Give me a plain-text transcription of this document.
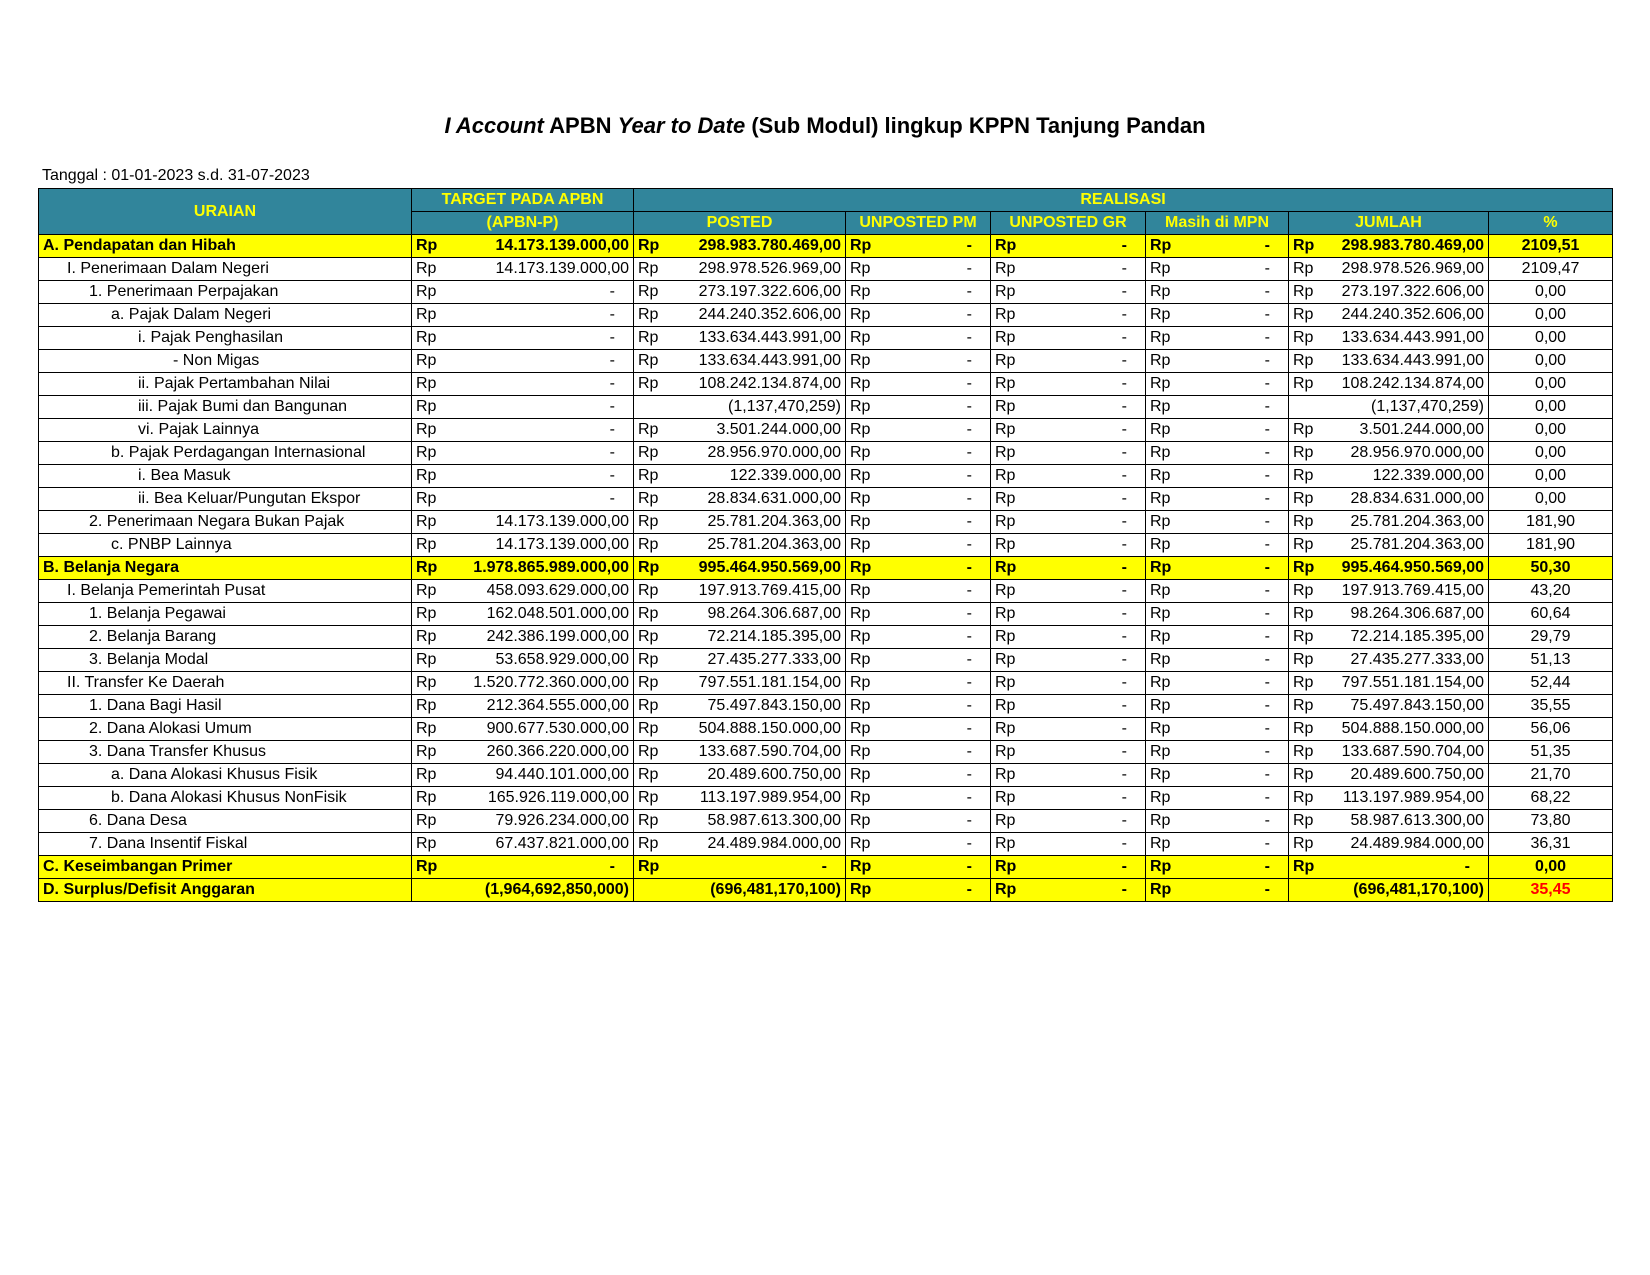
I Account APBN Year to Date (Sub Modul) lingkup KPPN Tanjung Pandan
Tanggal : 01-01-2023 s.d. 31-07-2023
URAIAN	TARGET PADA APBN	REALISASI					
	(APBN-P)	POSTED	UNPOSTED PM	UNPOSTED GR	Masih di MPN	JUMLAH	%
A. Pendapatan dan Hibah	Rp 14.173.139.000,00	Rp 298.983.780.469,00	Rp -	Rp -	Rp -	Rp 298.983.780.469,00	2109,51
I. Penerimaan Dalam Negeri	Rp 14.173.139.000,00	Rp 298.978.526.969,00	Rp -	Rp -	Rp -	Rp 298.978.526.969,00	2109,47
1. Penerimaan Perpajakan	Rp -	Rp 273.197.322.606,00	Rp -	Rp -	Rp -	Rp 273.197.322.606,00	0,00
a. Pajak Dalam Negeri	Rp -	Rp 244.240.352.606,00	Rp -	Rp -	Rp -	Rp 244.240.352.606,00	0,00
i. Pajak Penghasilan	Rp -	Rp 133.634.443.991,00	Rp -	Rp -	Rp -	Rp 133.634.443.991,00	0,00
- Non Migas	Rp -	Rp 133.634.443.991,00	Rp -	Rp -	Rp -	Rp 133.634.443.991,00	0,00
ii. Pajak Pertambahan Nilai	Rp -	Rp 108.242.134.874,00	Rp -	Rp -	Rp -	Rp 108.242.134.874,00	0,00
iii. Pajak Bumi dan Bangunan	Rp -	(1,137,470,259)	Rp -	Rp -	Rp -	(1,137,470,259)	0,00
vi. Pajak Lainnya	Rp -	Rp 3.501.244.000,00	Rp -	Rp -	Rp -	Rp 3.501.244.000,00	0,00
b. Pajak Perdagangan Internasional	Rp -	Rp 28.956.970.000,00	Rp -	Rp -	Rp -	Rp 28.956.970.000,00	0,00
i. Bea Masuk	Rp -	Rp 122.339.000,00	Rp -	Rp -	Rp -	Rp 122.339.000,00	0,00
ii. Bea Keluar/Pungutan Ekspor	Rp -	Rp 28.834.631.000,00	Rp -	Rp -	Rp -	Rp 28.834.631.000,00	0,00
2. Penerimaan Negara Bukan Pajak	Rp 14.173.139.000,00	Rp 25.781.204.363,00	Rp -	Rp -	Rp -	Rp 25.781.204.363,00	181,90
c. PNBP Lainnya	Rp 14.173.139.000,00	Rp 25.781.204.363,00	Rp -	Rp -	Rp -	Rp 25.781.204.363,00	181,90
B. Belanja Negara	Rp 1.978.865.989.000,00	Rp 995.464.950.569,00	Rp -	Rp -	Rp -	Rp 995.464.950.569,00	50,30
I. Belanja Pemerintah Pusat	Rp 458.093.629.000,00	Rp 197.913.769.415,00	Rp -	Rp -	Rp -	Rp 197.913.769.415,00	43,20
1. Belanja Pegawai	Rp 162.048.501.000,00	Rp 98.264.306.687,00	Rp -	Rp -	Rp -	Rp 98.264.306.687,00	60,64
2. Belanja Barang	Rp 242.386.199.000,00	Rp 72.214.185.395,00	Rp -	Rp -	Rp -	Rp 72.214.185.395,00	29,79
3. Belanja Modal	Rp 53.658.929.000,00	Rp 27.435.277.333,00	Rp -	Rp -	Rp -	Rp 27.435.277.333,00	51,13
II. Transfer Ke Daerah	Rp 1.520.772.360.000,00	Rp 797.551.181.154,00	Rp -	Rp -	Rp -	Rp 797.551.181.154,00	52,44
1. Dana Bagi Hasil	Rp 212.364.555.000,00	Rp 75.497.843.150,00	Rp -	Rp -	Rp -	Rp 75.497.843.150,00	35,55
2. Dana Alokasi Umum	Rp 900.677.530.000,00	Rp 504.888.150.000,00	Rp -	Rp -	Rp -	Rp 504.888.150.000,00	56,06
3. Dana Transfer Khusus	Rp 260.366.220.000,00	Rp 133.687.590.704,00	Rp -	Rp -	Rp -	Rp 133.687.590.704,00	51,35
a. Dana Alokasi Khusus Fisik	Rp 94.440.101.000,00	Rp 20.489.600.750,00	Rp -	Rp -	Rp -	Rp 20.489.600.750,00	21,70
b. Dana Alokasi Khusus NonFisik	Rp 165.926.119.000,00	Rp 113.197.989.954,00	Rp -	Rp -	Rp -	Rp 113.197.989.954,00	68,22
6. Dana Desa	Rp 79.926.234.000,00	Rp 58.987.613.300,00	Rp -	Rp -	Rp -	Rp 58.987.613.300,00	73,80
7. Dana Insentif Fiskal	Rp 67.437.821.000,00	Rp 24.489.984.000,00	Rp -	Rp -	Rp -	Rp 24.489.984.000,00	36,31
C. Keseimbangan Primer	Rp -	Rp -	Rp -	Rp -	Rp -	Rp -	0,00
D. Surplus/Defisit Anggaran	(1,964,692,850,000)	(696,481,170,100)	Rp -	Rp -	Rp -	(696,481,170,100)	35,45
